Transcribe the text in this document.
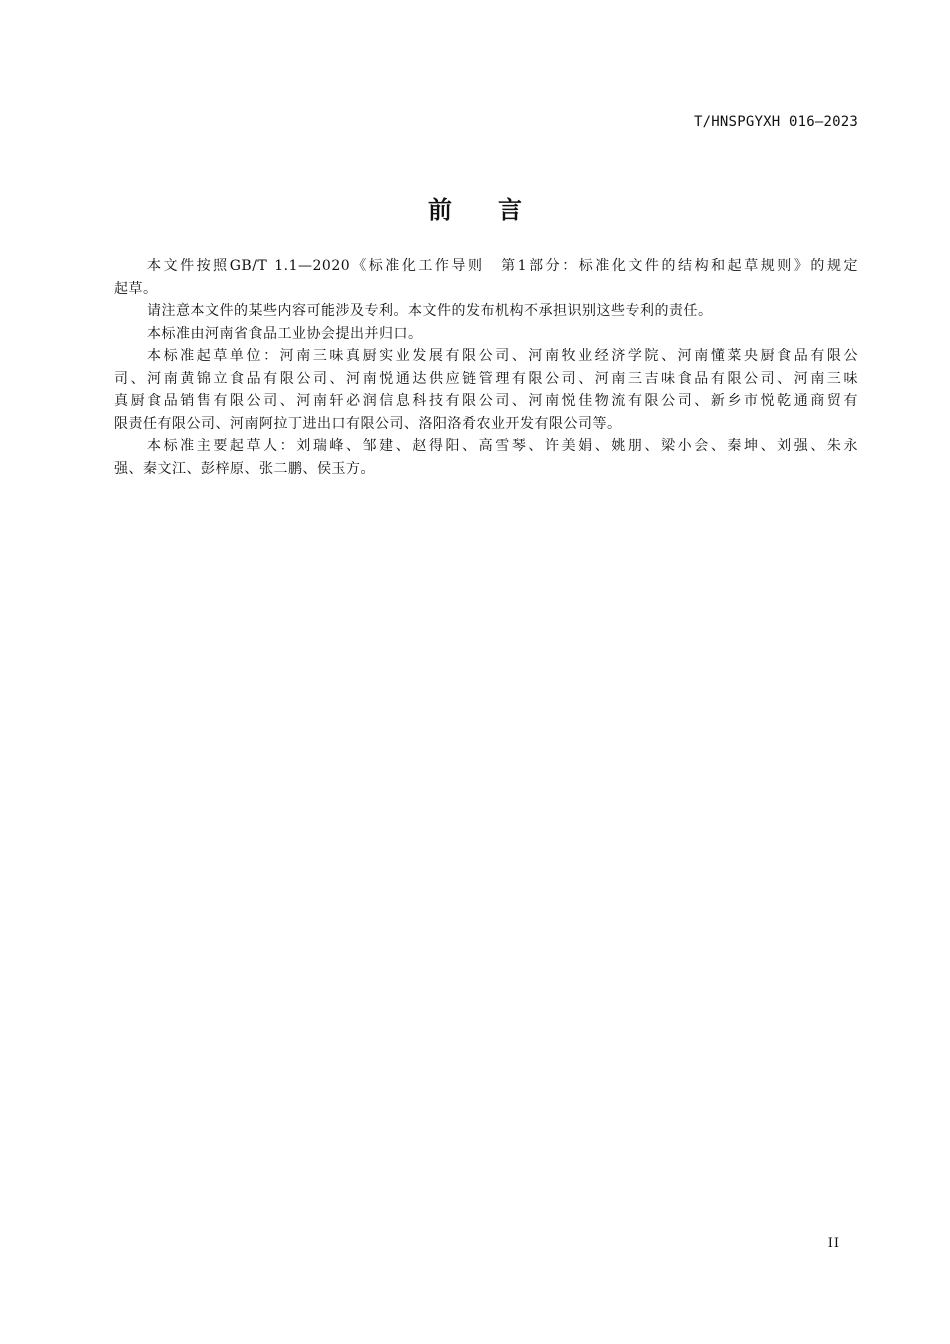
T/HNSPGYXH 016—2023
前 言

本文件按照GB/T 1.1—2020《标准化工作导则　第1部分：标准化文件的结构和起草规则》的规定
起草。

请注意本文件的某些内容可能涉及专利。本文件的发布机构不承担识别这些专利的责任。

本标准由河南省食品工业协会提出并归口。

本标准起草单位：河南三味真厨实业发展有限公司、河南牧业经济学院、河南懂菜央厨食品有限公
司、河南黄锦立食品有限公司、河南悦通达供应链管理有限公司、河南三吉味食品有限公司、河南三味
真厨食品销售有限公司、河南轩必润信息科技有限公司、河南悦佳物流有限公司、新乡市悦乾通商贸有
限责任有限公司、河南阿拉丁进出口有限公司、洛阳洛肴农业开发有限公司等。

本标准主要起草人：刘瑞峰、邹建、赵得阳、高雪琴、许美娟、姚朋、梁小会、秦坤、刘强、朱永
强、秦文江、彭梓原、张二鹏、侯玉方。

II
